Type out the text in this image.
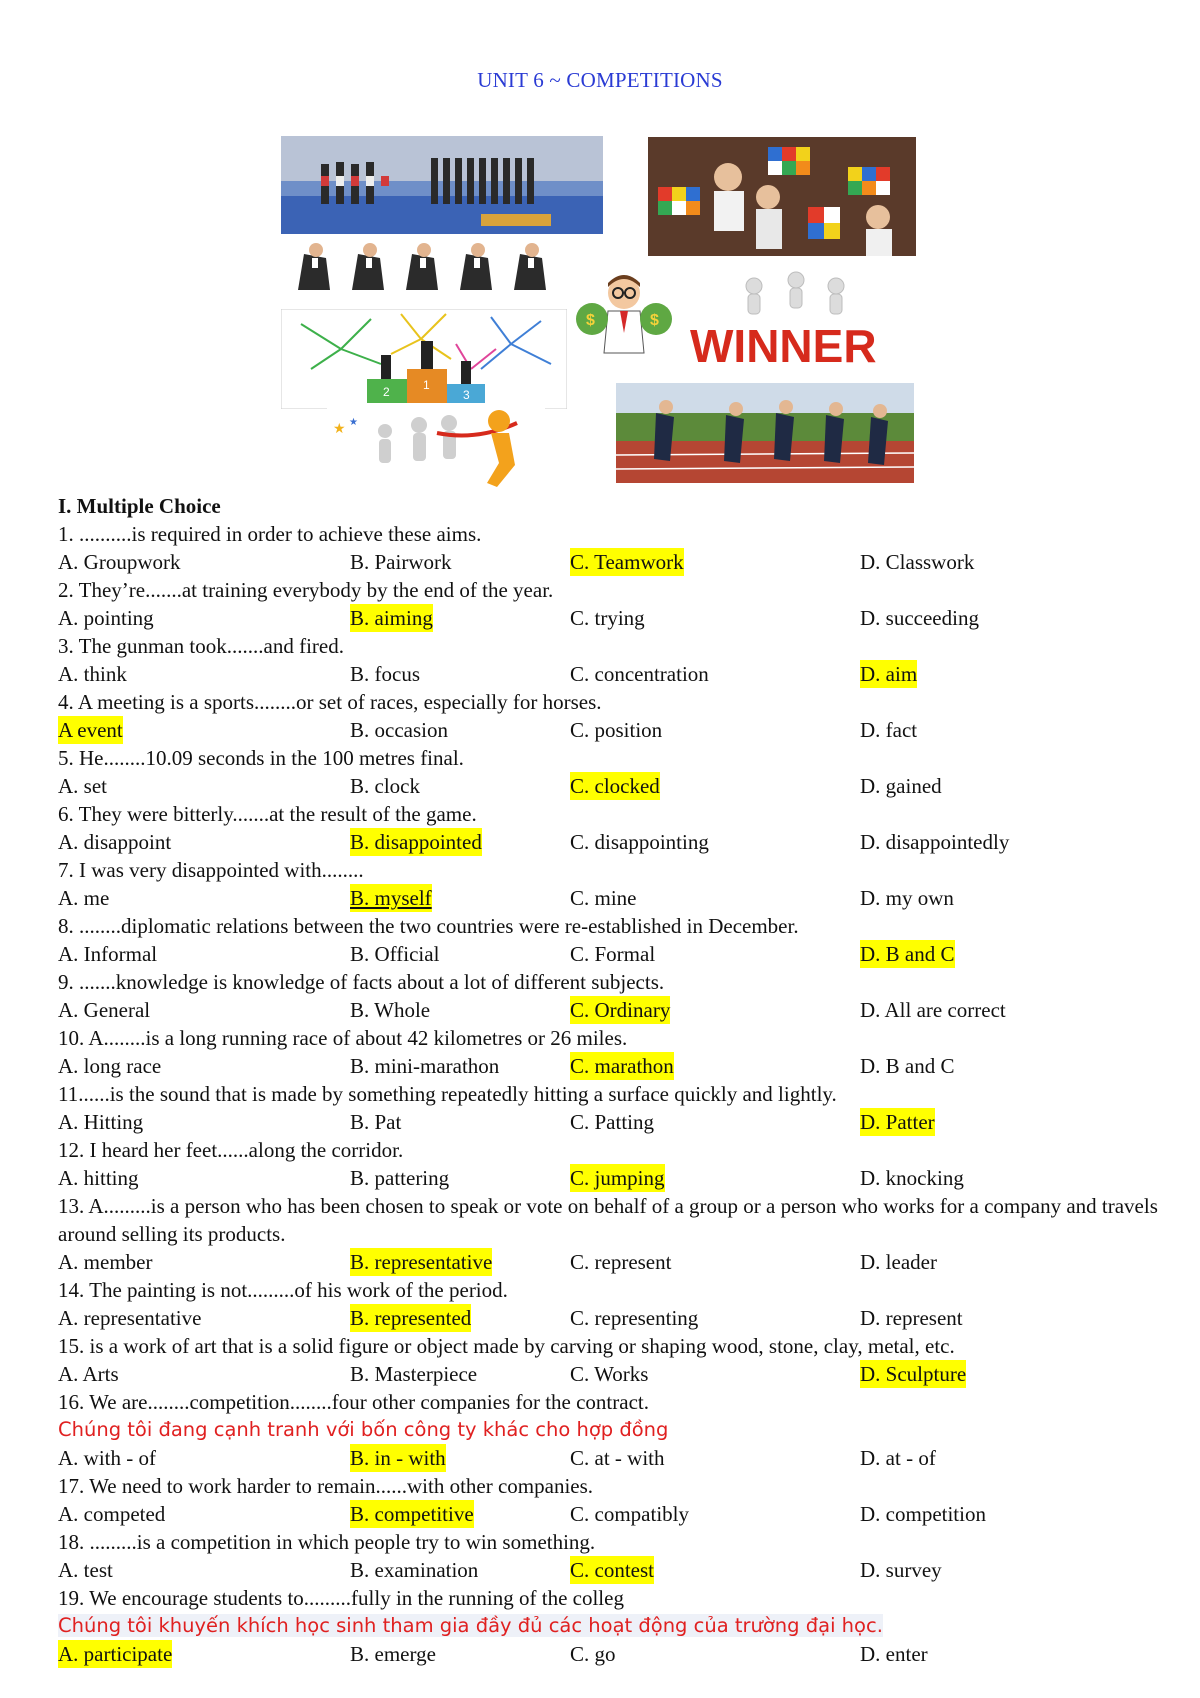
UNIT 6 ~ COMPETITIONS
2	1
3
$	$ WINNER
★ ★
I. Multiple Choice
1. ..........is required in order to achieve these aims.
A. Groupwork	B. Pairwork	C. Teamwork	D. Classwork
2. They’re.......at training everybody by the end of the year.
A. pointing	B. aiming	C. trying	D. succeeding
3. The gunman took.......and fired.
A. think	B. focus	C. concentration	D. aim
4. A meeting is a sports........or set of races, especially for horses.
A event	B. occasion	C. position	D. fact
5. He........10.09 seconds in the 100 metres final.
A. set	B. clock	C. clocked	D. gained
6. They were bitterly.......at the result of the game.
A. disappoint	B. disappointed	C. disappointing	D. disappointedly
7. I was very disappointed with........
A. me	B. myself	C. mine	D. my own
8. ........diplomatic relations between the two countries were re-established in December.
A. Informal	B. Official	C. Formal	D. B and C
9. .......knowledge is knowledge of facts about a lot of different subjects.
A. General	B. Whole	C. Ordinary	D. All are correct
10. A........is a long running race of about 42 kilometres or 26 miles.
A. long race	B. mini-marathon	C. marathon	D. B and C
11......is the sound that is made by something repeatedly hitting a surface quickly and lightly.
A. Hitting	B. Pat	C. Patting	D. Patter
12. I heard her feet......along the corridor.
A. hitting	B. pattering	C. jumping	D. knocking
13. A.........is a person who has been chosen to speak or vote on behalf of a group or a person who works for a company and travels around selling its products.
A. member	B. representative	C. represent	D. leader
14. The painting is not.........of his work of the period.
A. representative	B. represented	C. representing	D. represent
15. is a work of art that is a solid figure or object made by carving or shaping wood, stone, clay, metal, etc.
A. Arts	B. Masterpiece	C. Works	D. Sculpture
16. We are........competition........four other companies for the contract.
Chúng tôi đang cạnh tranh với bốn công ty khác cho hợp đồng
A. with - of	B. in - with	C. at - with	D. at - of
17. We need to work harder to remain......with other companies.
A. competed	B. competitive	C. compatibly	D. competition
18. .........is a competition in which people try to win something.
A. test	B. examination	C. contest	D. survey
19. We encourage students to.........fully in the running of the colleg
Chúng tôi khuyến khích học sinh tham gia đầy đủ các hoạt động của trường đại học.
A. participate	B. emerge	C. go	D. enter
